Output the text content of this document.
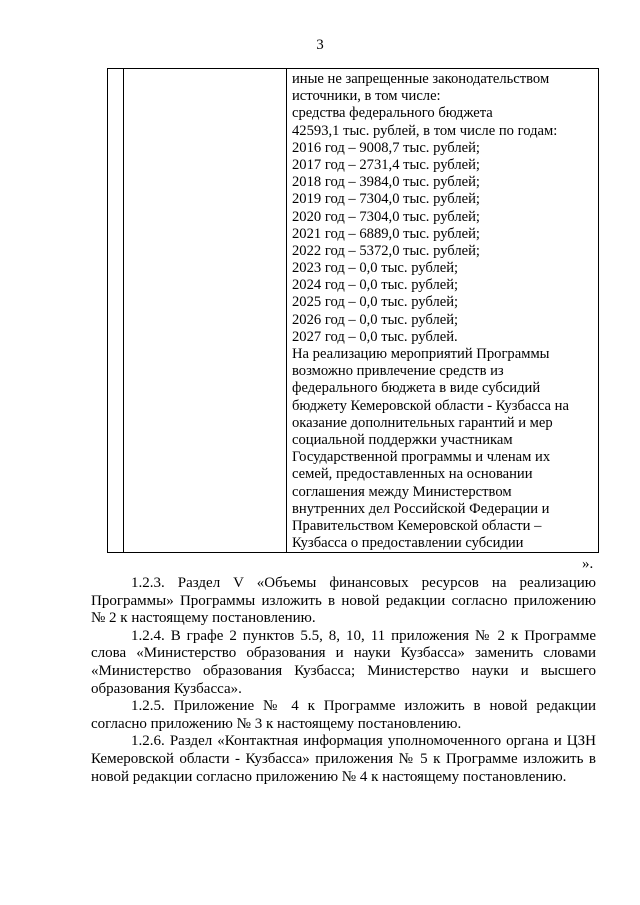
3

иные не запрещенные законодательством
источники, в том числе:
средства федерального бюджета
42593,1 тыс. рублей, в том числе по годам:
2016 год – 9008,7 тыс. рублей;
2017 год – 2731,4 тыс. рублей;
2018 год – 3984,0 тыс. рублей;
2019 год – 7304,0 тыс. рублей;
2020 год – 7304,0 тыс. рублей;
2021 год – 6889,0 тыс. рублей;
2022 год – 5372,0 тыс. рублей;
2023 год – 0,0 тыс. рублей;
2024 год – 0,0 тыс. рублей;
2025 год – 0,0 тыс. рублей;
2026 год – 0,0 тыс. рублей;
2027 год – 0,0 тыс. рублей.
На реализацию мероприятий Программы
возможно привлечение средств из
федерального бюджета в виде субсидий
бюджету Кемеровской области - Кузбасса на
оказание дополнительных гарантий и мер
социальной поддержки участникам
Государственной программы и членам их
семей, предоставленных на основании
соглашения между Министерством
внутренних дел Российской Федерации и
Правительством Кемеровской области –
Кузбасса о предоставлении субсидии
».

1.2.3. Раздел V «Объемы финансовых ресурсов на реализацию Программы» Программы изложить в новой редакции согласно приложению № 2 к настоящему постановлению.

1.2.4. В графе 2 пунктов 5.5, 8, 10, 11 приложения № 2 к Программе слова «Министерство образования и науки Кузбасса» заменить словами «Министерство образования Кузбасса; Министерство науки и высшего образования Кузбасса».

1.2.5. Приложение № 4 к Программе изложить в новой редакции согласно приложению № 3 к настоящему постановлению.

1.2.6. Раздел «Контактная информация уполномоченного органа и ЦЗН Кемеровской области - Кузбасса» приложения № 5 к Программе изложить в новой редакции согласно приложению № 4 к настоящему постановлению.
